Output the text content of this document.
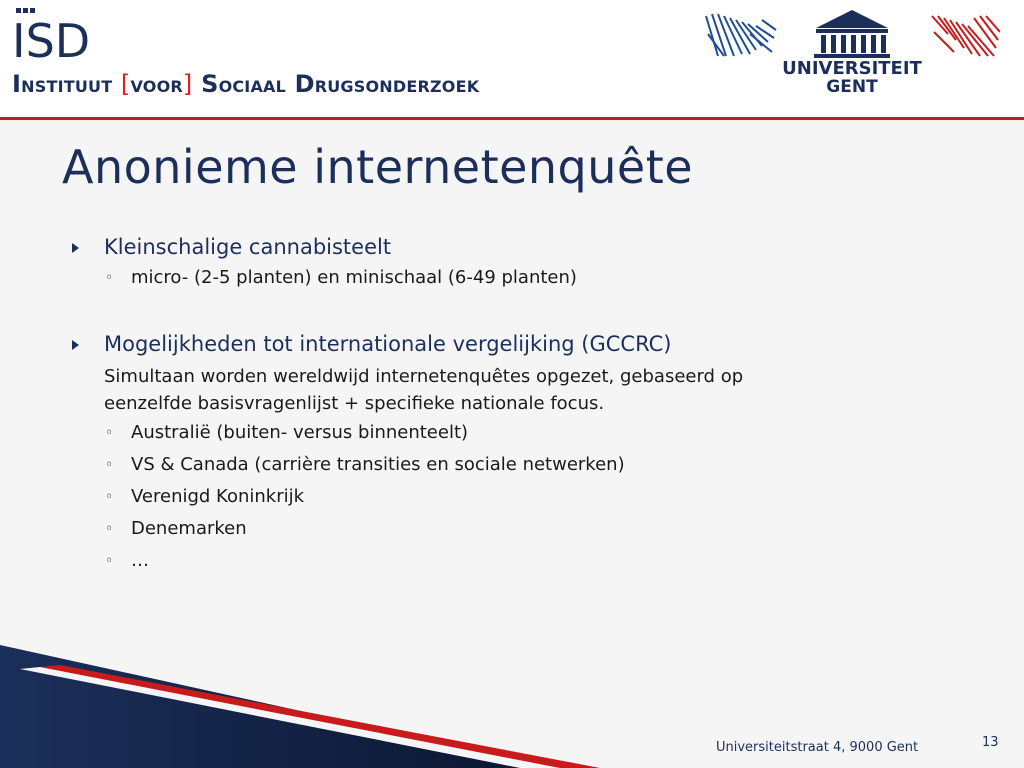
ISD
INSTITUUT [VOOR] SOCIAAL DRUGSONDERZOEK
UNIVERSITEIT
GENT
Anonieme internetenquête
Kleinschalige cannabisteelt
◦ micro- (2-5 planten) en minischaal (6-49 planten)
Mogelijkheden tot internationale vergelijking (GCCRC)
Simultaan worden wereldwijd internetenquêtes opgezet, gebaseerd op
eenzelfde basisvragenlijst + specifieke nationale focus.
◦ Australië (buiten- versus binnenteelt)
◦ VS & Canada (carrière transities en sociale netwerken)
◦ Verenigd Koninkrijk
◦ Denemarken
◦ …
Universiteitstraat 4, 9000 Gent	13
